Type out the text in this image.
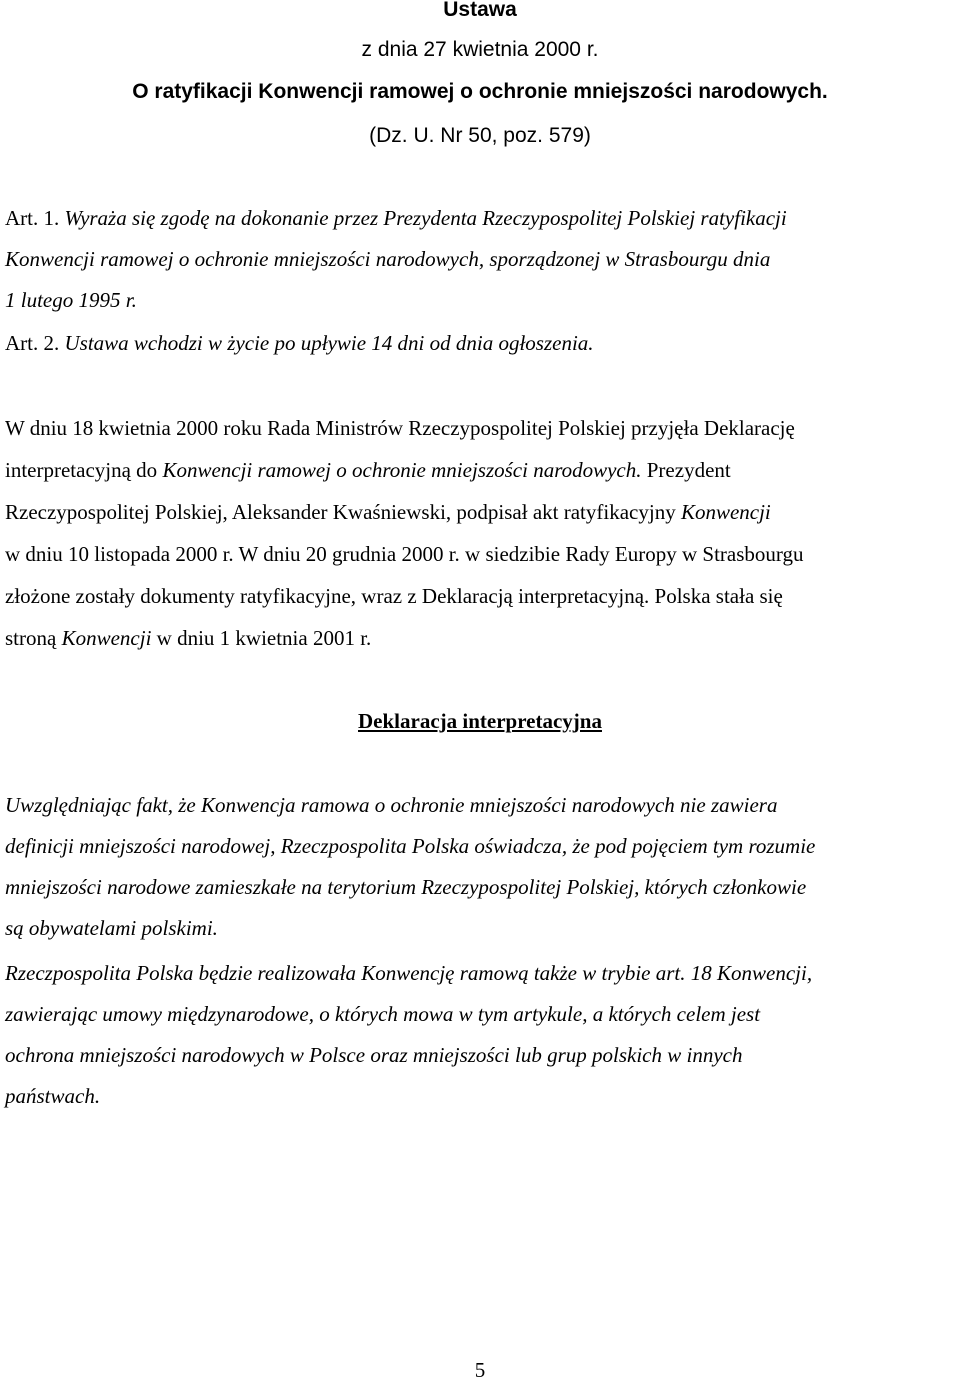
Ustawa
z dnia 27 kwietnia 2000 r.
O ratyfikacji Konwencji ramowej o ochronie mniejszości narodowych.
(Dz. U. Nr 50, poz. 579)
Art. 1. Wyraża się zgodę na dokonanie przez Prezydenta Rzeczypospolitej Polskiej ratyfikacji
Konwencji ramowej o ochronie mniejszości narodowych, sporządzonej w Strasbourgu dnia
1 lutego 1995 r.
Art. 2. Ustawa wchodzi w życie po upływie 14 dni od dnia ogłoszenia.
W dniu 18 kwietnia 2000 roku Rada Ministrów Rzeczypospolitej Polskiej przyjęła Deklarację
interpretacyjną do Konwencji ramowej o ochronie mniejszości narodowych. Prezydent
Rzeczypospolitej Polskiej, Aleksander Kwaśniewski, podpisał akt ratyfikacyjny Konwencji
w dniu 10 listopada 2000 r. W dniu 20 grudnia 2000 r. w siedzibie Rady Europy w Strasbourgu
złożone zostały dokumenty ratyfikacyjne, wraz z Deklaracją interpretacyjną. Polska stała się
stroną Konwencji w dniu 1 kwietnia 2001 r.
Deklaracja interpretacyjna
Uwzględniając fakt, że Konwencja ramowa o ochronie mniejszości narodowych nie zawiera
definicji mniejszości narodowej, Rzeczpospolita Polska oświadcza, że pod pojęciem tym rozumie
mniejszości narodowe zamieszkałe na terytorium Rzeczypospolitej Polskiej, których członkowie
są obywatelami polskimi.
Rzeczpospolita Polska będzie realizowała Konwencję ramową także w trybie art. 18 Konwencji,
zawierając umowy międzynarodowe, o których mowa w tym artykule, a których celem jest
ochrona mniejszości narodowych w Polsce oraz mniejszości lub grup polskich w innych
państwach.
5
